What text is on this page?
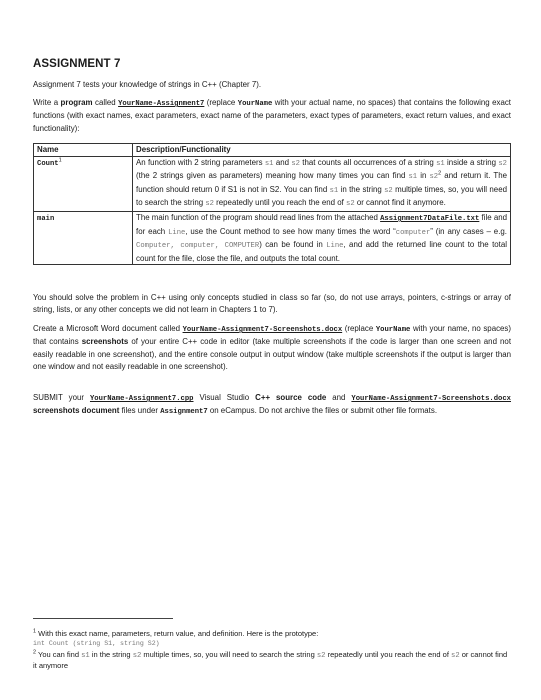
ASSIGNMENT 7
Assignment 7 tests your knowledge of strings in C++ (Chapter 7).
Write a program called YourName-Assignment7 (replace YourName with your actual name, no spaces) that contains the following exact functions (with exact names, exact parameters, exact name of the parameters, exact types of parameters, exact return values, and exact functionality):
Name	Description/Functionality
Count$^1$	An function with 2 string parameters s1 and s2 that counts all occurrences of a string s1 inside a string s2 (the 2 strings given as parameters) meaning how many times you can find s1 in $s2^2$ and return it. The function should return 0 if S1 is not in S2. You can find s1 in the string s2 multiple times, so, you will need to search the string s2 repeatedly until you reach the end of s2 or cannot find it anymore.
main	The main function of the program should read lines from the attached Assignment7DataFile.txt file and for each Line, use the Count method to see how many times the word “computer” (in any cases – e.g. Computer, computer, COMPUTER) can be found in Line, and add the returned line count to the total count for the file, close the file, and outputs the total count.
You should solve the problem in C++ using only concepts studied in class so far (so, do not use arrays, pointers, c-strings or array of string, lists, or any other concepts we did not learn in Chapters 1 to 7).
Create a Microsoft Word document called YourName-Assignment7-Screenshots.docx (replace YourName with your name, no spaces) that contains screenshots of your entire C++ code in editor (take multiple screenshots if the code is larger than one screen and not easily readable in one screenshot), and the entire console output in output window (take multiple screenshots if the output is larger than one window and not easily readable in one screenshot).
SUBMIT your YourName-Assignment7.cpp Visual Studio C++ source code and YourName-Assignment7-Screenshots.docx screenshots document files under Assignment7 on eCampus. Do not archive the files or submit other file formats.
$^1$ With this exact name, parameters, return value, and definition. Here is the prototype:
int Count (string S1, string S2)
$^2$ You can find s1 in the string s2 multiple times, so, you will need to search the string s2 repeatedly until you reach the end of s2 or cannot find it anymore
